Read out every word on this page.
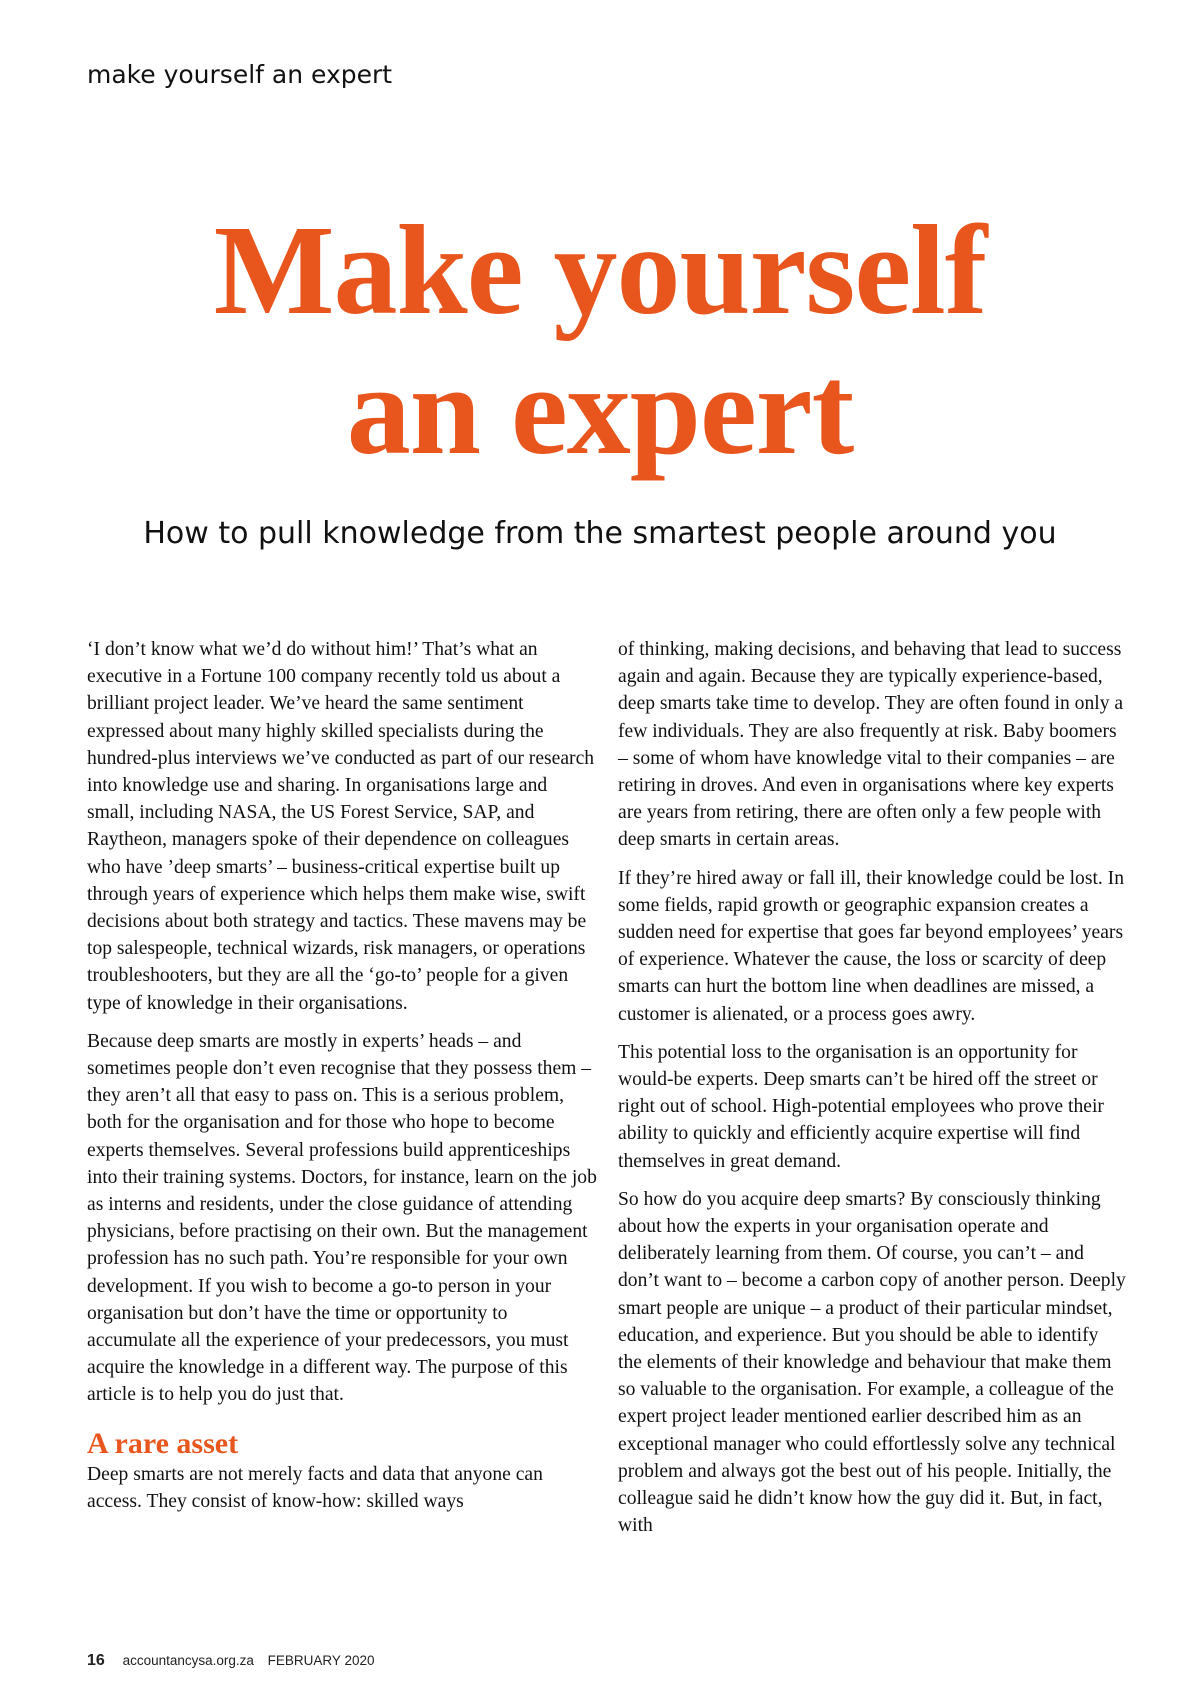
make yourself an expert
Make yourself
an expert
How to pull knowledge from the smartest people around you

‘I don’t know what we’d do without him!’ That’s what an executive in a Fortune 100 company recently told us about a brilliant project leader. We’ve heard the same sentiment expressed about many highly skilled specialists during the hundred-plus interviews we’ve conducted as part of our research into knowledge use and sharing. In organisations large and small, including NASA, the US Forest Service, SAP, and Raytheon, managers spoke of their dependence on colleagues who have ’deep smarts’ – business-critical expertise built up through years of experience which helps them make wise, swift decisions about both strategy and tactics. These mavens may be top salespeople, technical wizards, risk managers, or operations troubleshooters, but they are all the ‘go-to’ people for a given type of knowledge in their organisations.

Because deep smarts are mostly in experts’ heads – and sometimes people don’t even recognise that they possess them – they aren’t all that easy to pass on. This is a serious problem, both for the organisation and for those who hope to become experts themselves. Several professions build apprenticeships into their training systems. Doctors, for instance, learn on the job as interns and residents, under the close guidance of attending physicians, before practising on their own. But the management profession has no such path. You’re responsible for your own development. If you wish to become a go-to person in your organisation but don’t have the time or opportunity to accumulate all the experience of your predecessors, you must acquire the knowledge in a different way. The purpose of this article is to help you do just that.

A rare asset

Deep smarts are not merely facts and data that anyone can access. They consist of know-how: skilled ways

of thinking, making decisions, and behaving that lead to success again and again. Because they are typically experience-based, deep smarts take time to develop. They are often found in only a few individuals. They are also frequently at risk. Baby boomers – some of whom have knowledge vital to their companies – are retiring in droves. And even in organisations where key experts are years from retiring, there are often only a few people with deep smarts in certain areas.

If they’re hired away or fall ill, their knowledge could be lost. In some fields, rapid growth or geographic expansion creates a sudden need for expertise that goes far beyond employees’ years of experience. Whatever the cause, the loss or scarcity of deep smarts can hurt the bottom line when deadlines are missed, a customer is alienated, or a process goes awry.

This potential loss to the organisation is an opportunity for would-be experts. Deep smarts can’t be hired off the street or right out of school. High-potential employees who prove their ability to quickly and efficiently acquire expertise will find themselves in great demand.

So how do you acquire deep smarts? By consciously thinking about how the experts in your organisation operate and deliberately learning from them. Of course, you can’t – and don’t want to – become a carbon copy of another person. Deeply smart people are unique – a product of their particular mindset, education, and experience. But you should be able to identify the elements of their knowledge and behaviour that make them so valuable to the organisation. For example, a colleague of the expert project leader mentioned earlier described him as an exceptional manager who could effortlessly solve any technical problem and always got the best out of his people. Initially, the colleague said he didn’t know how the guy did it. But, in fact, with

16 accountancysa.org.za FEBRUARY 2020
